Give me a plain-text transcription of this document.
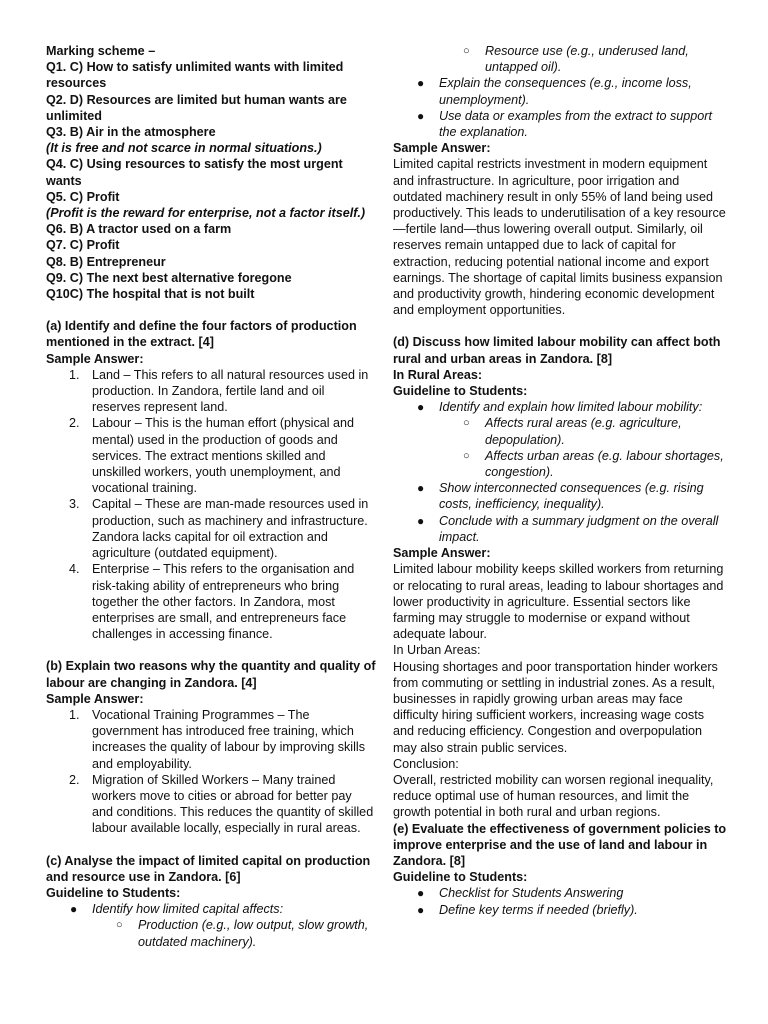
Marking scheme –

Q1. C) How to satisfy unlimited wants with limited resources

Q2. D) Resources are limited but human wants are unlimited

Q3. B) Air in the atmosphere

(It is free and not scarce in normal situations.)

Q4. C) Using resources to satisfy the most urgent wants

Q5. C) Profit

(Profit is the reward for enterprise, not a factor itself.)

Q6. B) A tractor used on a farm

Q7. C) Profit

Q8. B) Entrepreneur

Q9. C) The next best alternative foregone

Q10C) The hospital that is not built

(a) Identify and define the four factors of production mentioned in the extract. [4]

Sample Answer:

1. Land – This refers to all natural resources used in production. In Zandora, fertile land and oil reserves represent land.
2. Labour – This is the human effort (physical and mental) used in the production of goods and services. The extract mentions skilled and unskilled workers, youth unemployment, and vocational training.
3. Capital – These are man-made resources used in production, such as machinery and infrastructure. Zandora lacks capital for oil extraction and agriculture (outdated equipment).
4. Enterprise – This refers to the organisation and risk-taking ability of entrepreneurs who bring together the other factors. In Zandora, most enterprises are small, and entrepreneurs face challenges in accessing finance.

(b) Explain two reasons why the quantity and quality of labour are changing in Zandora. [4]

Sample Answer:

1. Vocational Training Programmes – The government has introduced free training, which increases the quality of labour by improving skills and employability.
2. Migration of Skilled Workers – Many trained workers move to cities or abroad for better pay and conditions. This reduces the quantity of skilled labour available locally, especially in rural areas.

(c) Analyse the impact of limited capital on production and resource use in Zandora. [6]

Guideline to Students:

● Identify how limited capital affects:
○ Production (e.g., low output, slow growth, outdated machinery).
○ Resource use (e.g., underused land, untapped oil).
● Explain the consequences (e.g., income loss, unemployment).
● Use data or examples from the extract to support the explanation.

Sample Answer:

Limited capital restricts investment in modern equipment and infrastructure. In agriculture, poor irrigation and outdated machinery result in only 55% of land being used productively. This leads to underutilisation of a key resource—fertile land—thus lowering overall output. Similarly, oil reserves remain untapped due to lack of capital for extraction, reducing potential national income and export earnings. The shortage of capital limits business expansion and productivity growth, hindering economic development and employment opportunities.

(d) Discuss how limited labour mobility can affect both rural and urban areas in Zandora. [8]

In Rural Areas:

Guideline to Students:

● Identify and explain how limited labour mobility:
○ Affects rural areas (e.g. agriculture, depopulation).
○ Affects urban areas (e.g. labour shortages, congestion).
● Show interconnected consequences (e.g. rising costs, inefficiency, inequality).
● Conclude with a summary judgment on the overall impact.

Sample Answer:

Limited labour mobility keeps skilled workers from returning or relocating to rural areas, leading to labour shortages and lower productivity in agriculture. Essential sectors like farming may struggle to modernise or expand without adequate labour.

In Urban Areas:

Housing shortages and poor transportation hinder workers from commuting or settling in industrial zones. As a result, businesses in rapidly growing urban areas may face difficulty hiring sufficient workers, increasing wage costs and reducing efficiency. Congestion and overpopulation may also strain public services.

Conclusion:

Overall, restricted mobility can worsen regional inequality, reduce optimal use of human resources, and limit the growth potential in both rural and urban regions.

(e) Evaluate the effectiveness of government policies to improve enterprise and the use of land and labour in Zandora. [8]

Guideline to Students:

● Checklist for Students Answering
● Define key terms if needed (briefly).
